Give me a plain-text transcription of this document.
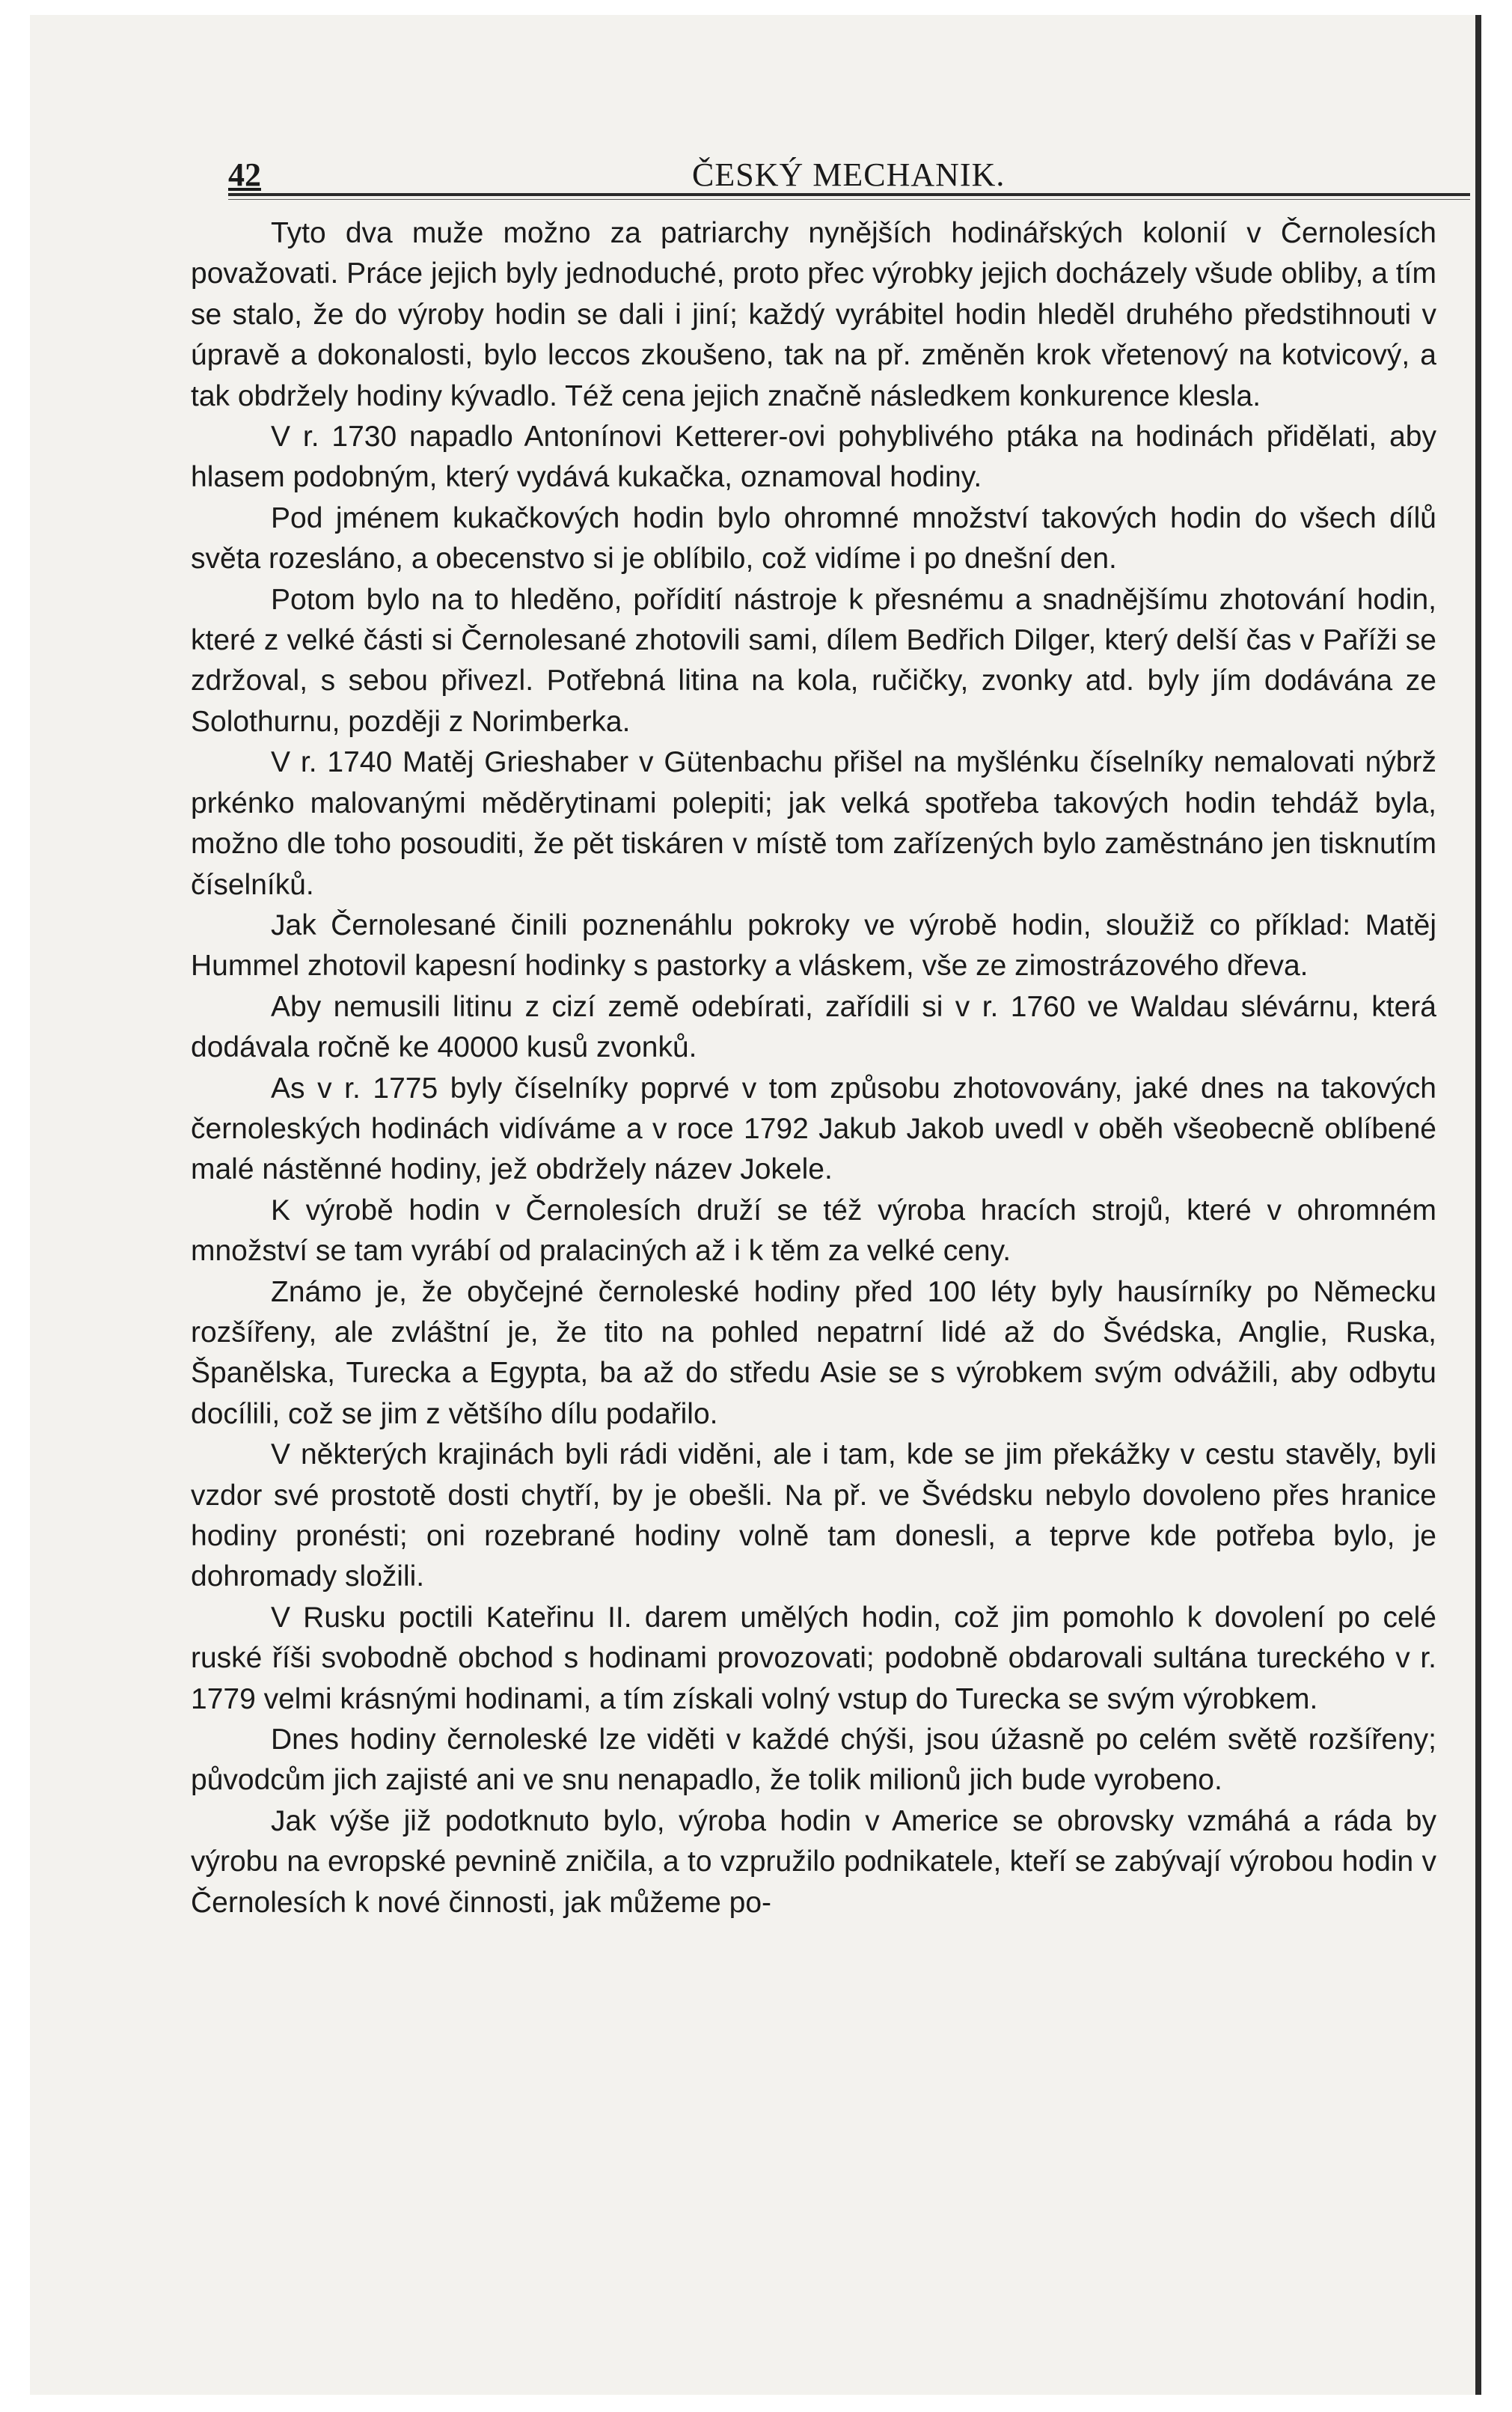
42	ČESKÝ MECHANIK.

Tyto dva muže možno za patriarchy nynějších hodinářských kolonií v Černolesích považovati. Práce jejich byly jednoduché, proto přec výrobky jejich docházely všude obliby, a tím se stalo, že do výroby hodin se dali i jiní; každý vyrábitel hodin hleděl druhého předstihnouti v úpravě a dokonalosti, bylo leccos zkoušeno, tak na př. změněn krok vřetenový na kotvicový, a tak obdržely hodiny kývadlo. Též cena jejich značně následkem konkurence klesla.

V r. 1730 napadlo Antonínovi Ketterer-ovi pohyblivého ptáka na hodinách přidělati, aby hlasem podobným, který vydává kukačka, oznamoval hodiny.

Pod jménem kukačkových hodin bylo ohromné množství takových hodin do všech dílů světa rozesláno, a obecenstvo si je oblíbilo, což vidíme i po dnešní den.

Potom bylo na to hleděno, pořídití nástroje k přesnému a snadnějšímu zhotování hodin, které z velké části si Černolesané zhotovili sami, dílem Bedřich Dilger, který delší čas v Paříži se zdržoval, s sebou přivezl. Potřebná litina na kola, ručičky, zvonky atd. byly jím dodávána ze Solothurnu, později z Norimberka.

V r. 1740 Matěj Grieshaber v Gütenbachu přišel na myšlénku číselníky nemalovati nýbrž prkénko malovanými měděrytinami polepiti; jak velká spotřeba takových hodin tehdáž byla, možno dle toho posouditi, že pět tiskáren v místě tom zařízených bylo zaměstnáno jen tisknutím číselníků.

Jak Černolesané činili poznenáhlu pokroky ve výrobě hodin, sloužiž co příklad: Matěj Hummel zhotovil kapesní hodinky s pastorky a vláskem, vše ze zimostrázového dřeva.

Aby nemusili litinu z cizí země odebírati, zařídili si v r. 1760 ve Waldau slévárnu, která dodávala ročně ke 40000 kusů zvonků.

As v r. 1775 byly číselníky poprvé v tom způsobu zhotovovány, jaké dnes na takových černoleských hodinách vidíváme a v roce 1792 Jakub Jakob uvedl v oběh všeobecně oblíbené malé nástěnné hodiny, jež obdržely název Jokele.

K výrobě hodin v Černolesích druží se též výroba hracích strojů, které v ohromném množství se tam vyrábí od pralaciných až i k těm za velké ceny.

Známo je, že obyčejné černoleské hodiny před 100 léty byly hausírníky po Německu rozšířeny, ale zvláštní je, že tito na pohled nepatrní lidé až do Švédska, Anglie, Ruska, Španělska, Turecka a Egypta, ba až do středu Asie se s výrobkem svým odvážili, aby odbytu docílili, což se jim z většího dílu podařilo.

V některých krajinách byli rádi viděni, ale i tam, kde se jim překážky v cestu stavěly, byli vzdor své prostotě dosti chytří, by je obešli. Na př. ve Švédsku nebylo dovoleno přes hranice hodiny pronésti; oni rozebrané hodiny volně tam donesli, a teprve kde potřeba bylo, je dohromady složili.

V Rusku poctili Kateřinu II. darem umělých hodin, což jim pomohlo k dovolení po celé ruské říši svobodně obchod s hodinami provozovati; podobně obdarovali sultána tureckého v r. 1779 velmi krásnými hodinami, a tím získali volný vstup do Turecka se svým výrobkem.

Dnes hodiny černoleské lze viděti v každé chýši, jsou úžasně po celém světě rozšířeny; původcům jich zajisté ani ve snu nenapadlo, že tolik milionů jich bude vyrobeno.

Jak výše již podotknuto bylo, výroba hodin v Americe se obrovsky vzmáhá a ráda by výrobu na evropské pevnině zničila, a to vzpružilo podnikatele, kteří se zabývají výrobou hodin v Černolesích k nové činnosti, jak můžeme po-
